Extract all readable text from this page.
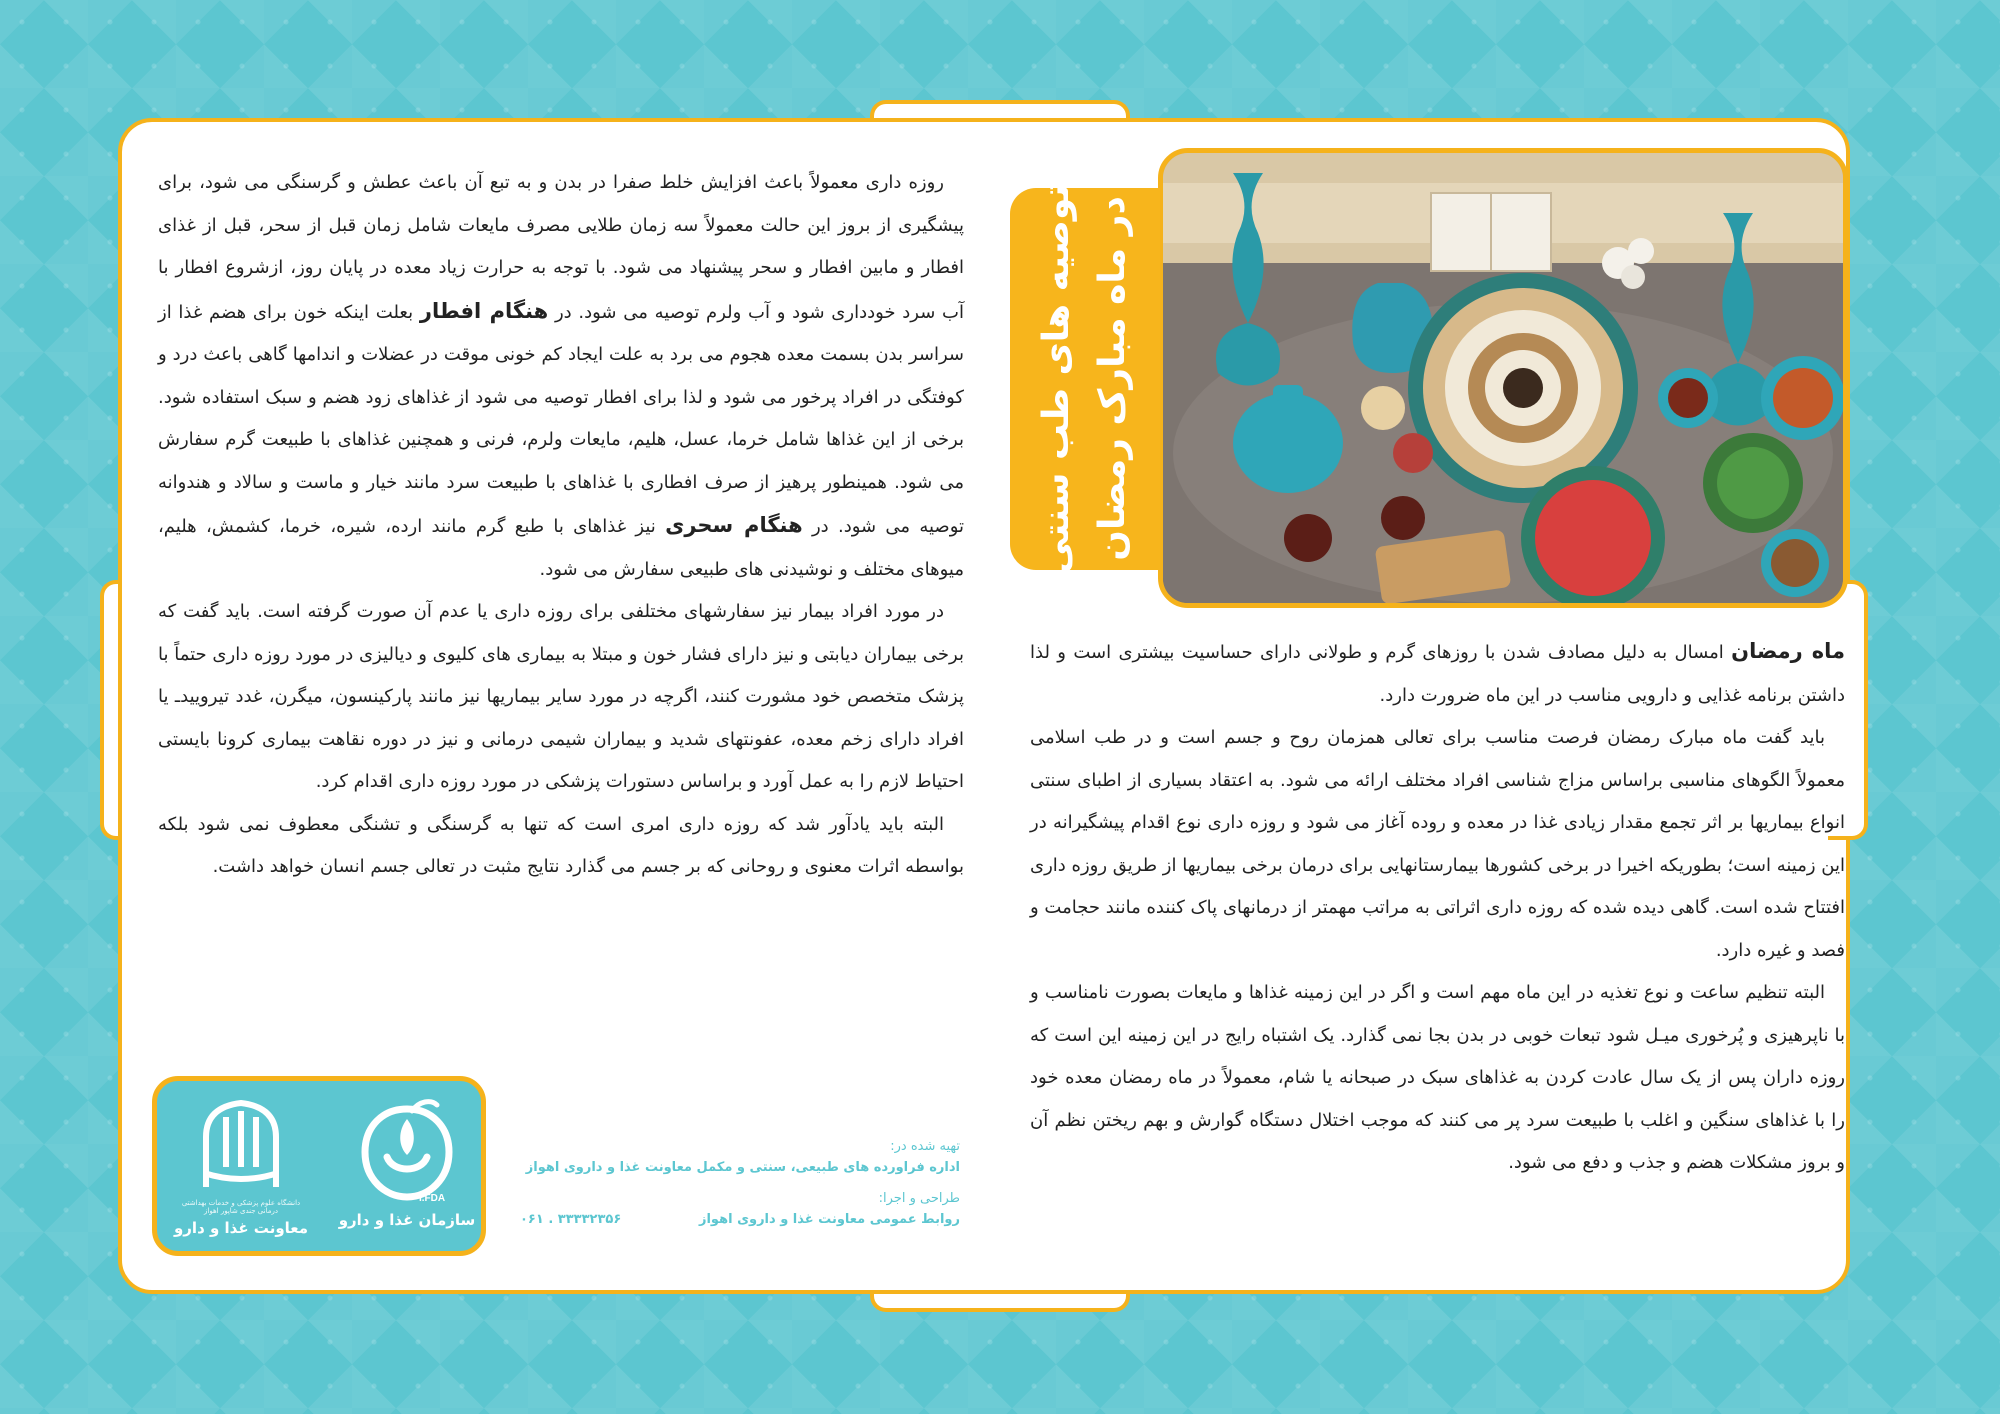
توصیه های طب سنتی در ماه مبارک رمضان

روزه داری معمولاً باعث افزایش خلط صفرا در بدن و به تبع آن باعث عطش و گرسنگی می شود، برای پیشگیری از بروز این حالت معمولاً سه زمان طلایی مصرف مایعات شامل زمان قبل از سحر، قبل از غذای افطار و مابین افطار و سحر پیشنهاد می شود. با توجه به حرارت زیاد معده در پایان روز، ازشروع افطار با آب سرد خودداری شود و آب ولرم توصیه می شود. در هنگام افطار بعلت اینکه خون برای هضم غذا از سراسر بدن بسمت معده هجوم می برد به علت ایجاد کم خونی موقت در عضلات و اندامها گاهی باعث درد و کوفتگی در افراد پرخور می شود و لذا برای افطار توصیه می شود از غذاهای زود هضم و سبک استفاده شود. برخی از این غذاها شامل خرما، عسل، هلیم، مایعات ولرم، فرنی و همچنین غذاهای با طبیعت گرم سفارش می شود. همینطور پرهیز از صرف افطاری با غذاهای با طبیعت سرد مانند خیار و ماست و سالاد و هندوانه توصیه می شود. در هنگام سحری نیز غذاهای با طبع گرم مانند ارده، شیره، خرما، کشمش، هلیم، میوهای مختلف و نوشیدنی های طبیعی سفارش می شود.

در مورد افراد بیمار نیز سفارشهای مختلفی برای روزه داری یا عدم آن صورت گرفته است. باید گفت که برخی بیماران دیابتی و نیز دارای فشار خون و مبتلا به بیماری های کلیوی و دیالیزی در مورد روزه داری حتماً با پزشک متخصص خود مشورت کنند، اگرچه در مورد سایر بیماریها نیز مانند پارکینسون، میگرن، غدد تیروییدـ یا افراد دارای زخم معده، عفونتهای شدید و بیماران شیمی درمانی و نیز در دوره نقاهت بیماری کرونا بایستی احتیاط لازم را به عمل آورد و براساس دستورات پزشکی در مورد روزه داری اقدام کرد.

البته باید یادآور شد که روزه داری امری است که تنها به گرسنگی و تشنگی معطوف نمی شود بلکه بواسطه اثرات معنوی و روحانی که بر جسم می گذارد نتایج مثبت در تعالی جسم انسان خواهد داشت.

ماه رمضان امسال به دلیل مصادف شدن با روزهای گرم و طولانی دارای حساسیت بیشتری است و لذا داشتن برنامه غذایی و دارویی مناسب در این ماه ضرورت دارد.

باید گفت ماه مبارک رمضان فرصت مناسب برای تعالی همزمان روح و جسم است و در طب اسلامی معمولاً الگوهای مناسبی براساس مزاج شناسی افراد مختلف ارائه می شود. به اعتقاد بسیاری از اطبای سنتی انواع بیماریها بر اثر تجمع مقدار زیادی غذا در معده و روده آغاز می شود و روزه داری نوع اقدام پیشگیرانه در این زمینه است؛ بطوریکه اخیرا در برخی کشورها بیمارستانهایی برای درمان برخی بیماریها از طریق روزه داری افتتاح شده است. گاهی دیده شده که روزه داری اثراتی به مراتب مهمتر از درمانهای پاک کننده مانند حجامت و فصد و غیره دارد.

البته تنظیم ساعت و نوع تغذیه در این ماه مهم است و اگر در این زمینه غذاها و مایعات بصورت نامناسب و با ناپرهیزی و پُرخوری میـل شود تبعات خوبی در بدن بجا نمی گذارد. یک اشتباه رایج در این زمینه این است که روزه داران پس از یک سال عادت کردن به غذاهای سبک در صبحانه یا شام، معمولاً در ماه رمضان معده خود را با غذاهای سنگین و اغلب با طبیعت سرد پر می کنند که موجب اختلال دستگاه گوارش و بهم ریختن نظم آن و بروز مشکلات هضم و جذب و دفع می شود.

I.FDA
سازمان غذا و دارو
دانشگاه علوم پزشکی و خدمات بهداشتی درمانی جندی شاپور اهواز
معاونت غذا و دارو
تهیه شده در:
اداره فراورده های طبیعی، سنتی و مکمل معاونت غذا و داروی اهواز
طراحی و اجرا:
روابط عمومی معاونت غذا و داروی اهواز
۰۶۱ . ۳۳۳۳۲۳۵۶
